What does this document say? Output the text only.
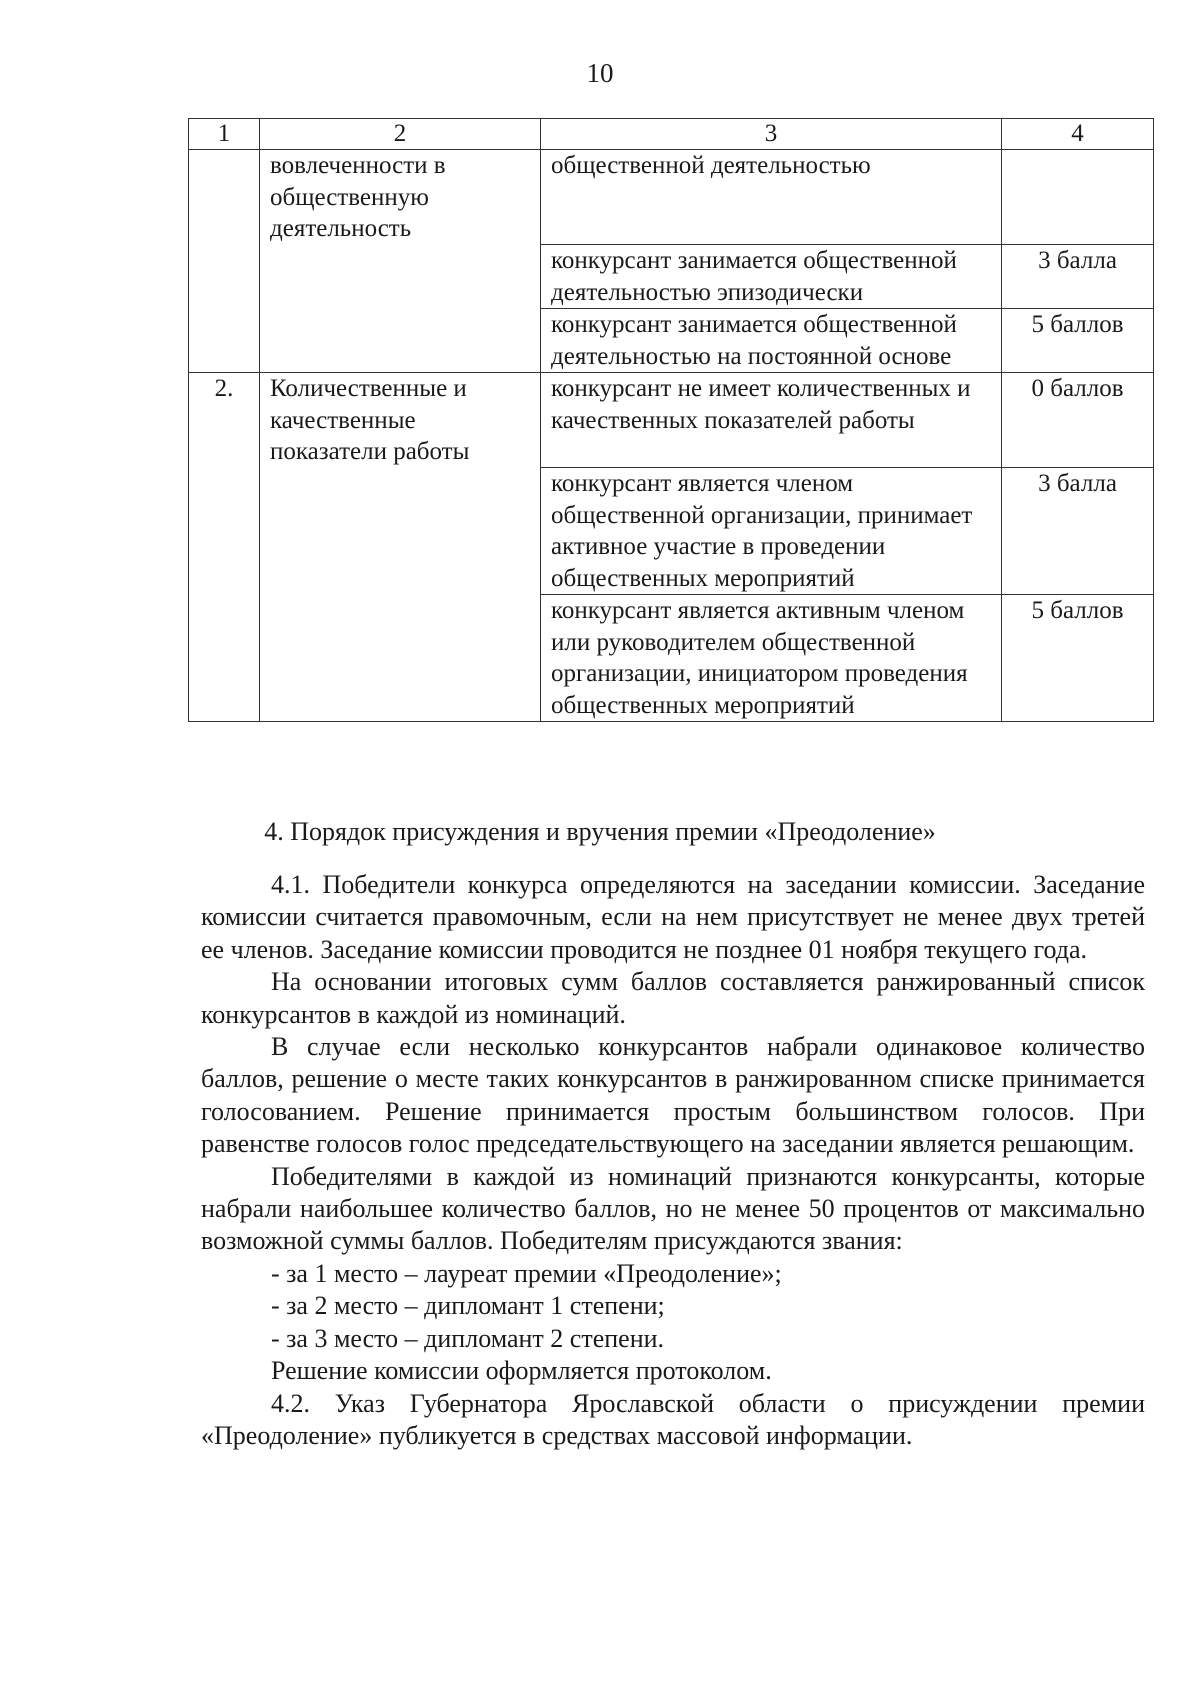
10
1	2	3	4
	вовлеченности в общественную деятельность	общественной деятельностью	
		конкурсант занимается общественной деятельностью эпизодически	3 балла
		конкурсант занимается общественной деятельностью на постоянной основе	5 баллов
2.	Количественные и качественные показатели работы	конкурсант не имеет количественных и качественных показателей работы	0 баллов
		конкурсант является членом общественной организации, принимает активное участие в проведении общественных мероприятий	3 балла
		конкурсант является активным членом или руководителем общественной организации, инициатором проведения общественных мероприятий	5 баллов
4. Порядок присуждения и вручения премии «Преодоление»

4.1. Победители конкурса определяются на заседании комиссии. Заседание комиссии считается правомочным, если на нем присутствует не менее двух третей ее членов. Заседание комиссии проводится не позднее 01 ноября текущего года.

На основании итоговых сумм баллов составляется ранжированный список конкурсантов в каждой из номинаций.

В случае если несколько конкурсантов набрали одинаковое количество баллов, решение о месте таких конкурсантов в ранжированном списке принимается голосованием. Решение принимается простым большинством голосов. При равенстве голосов голос председательствующего на заседании является решающим.

Победителями в каждой из номинаций признаются конкурсанты, которые набрали наибольшее количество баллов, но не менее 50 процентов от максимально возможной суммы баллов. Победителям присуждаются звания:

- за 1 место – лауреат премии «Преодоление»;

- за 2 место – дипломант 1 степени;

- за 3 место – дипломант 2 степени.

Решение комиссии оформляется протоколом.

4.2. Указ Губернатора Ярославской области о присуждении премии «Преодоление» публикуется в средствах массовой информации.
